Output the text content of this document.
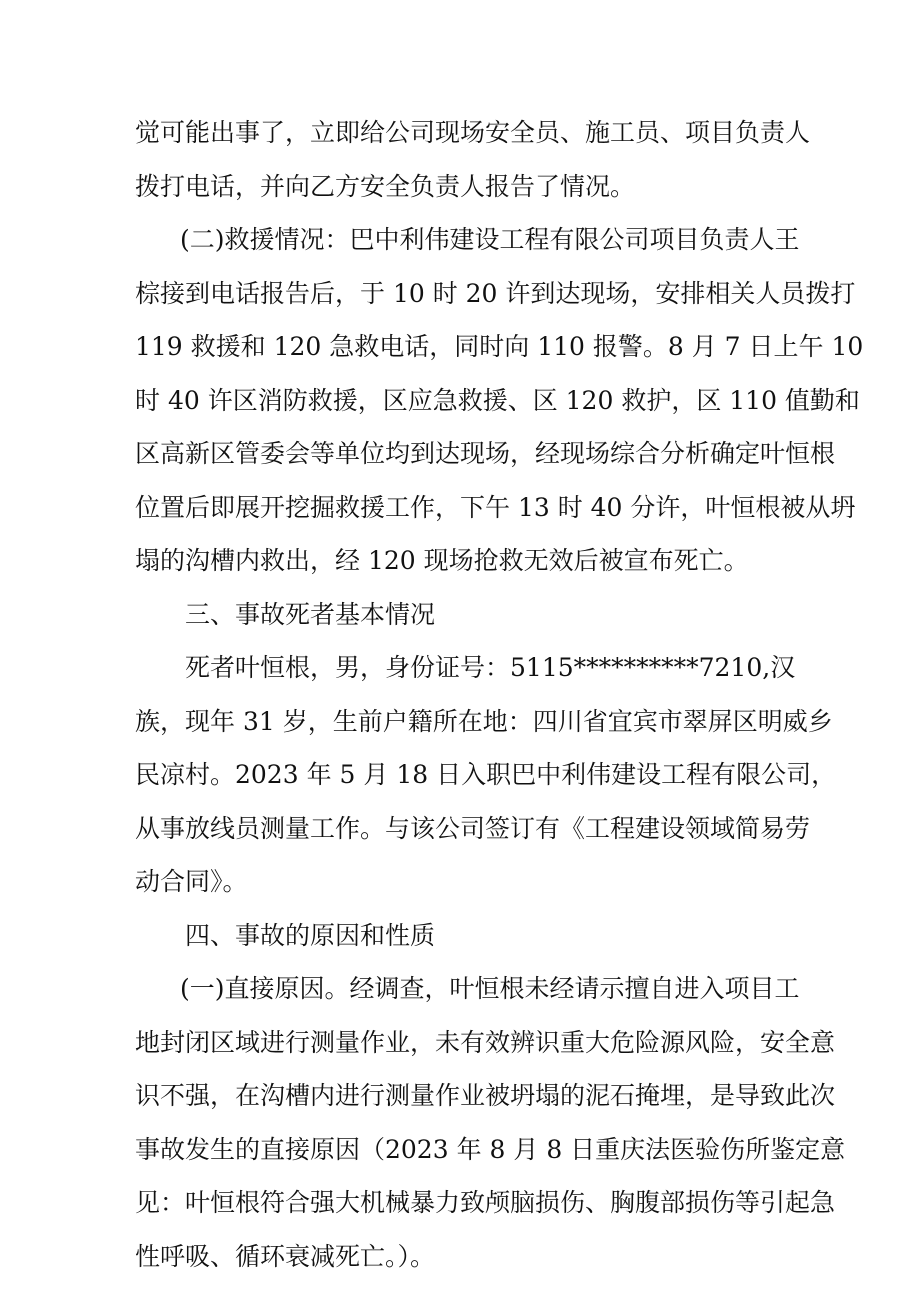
觉可能出事了，立即给公司现场安全员、施工员、项目负责人
拨打电话，并向乙方安全负责人报告了情况。
(二)救援情况：巴中利伟建设工程有限公司项目负责人王
棕接到电话报告后，于 10 时 20 许到达现场，安排相关人员拨打
119 救援和 120 急救电话，同时向 110 报警。8 月 7 日上午 10
时 40 许区消防救援，区应急救援、区 120 救护，区 110 值勤和
区高新区管委会等单位均到达现场，经现场综合分析确定叶恒根
位置后即展开挖掘救援工作，下午 13 时 40 分许，叶恒根被从坍
塌的沟槽内救出，经 120 现场抢救无效后被宣布死亡。
三、事故死者基本情况
死者叶恒根，男，身份证号：5115**********7210,汉
族，现年 31 岁，生前户籍所在地：四川省宜宾市翠屏区明威乡
民凉村。2023 年 5 月 18 日入职巴中利伟建设工程有限公司，
从事放线员测量工作。与该公司签订有《工程建设领域简易劳
动合同》。
四、事故的原因和性质
(一)直接原因。经调查，叶恒根未经请示擅自进入项目工
地封闭区域进行测量作业，未有效辨识重大危险源风险，安全意
识不强，在沟槽内进行测量作业被坍塌的泥石掩埋，是导致此次
事故发生的直接原因（2023 年 8 月 8 日重庆法医验伤所鉴定意
见：叶恒根符合强大机械暴力致颅脑损伤、胸腹部损伤等引起急
性呼吸、循环衰减死亡。）。
